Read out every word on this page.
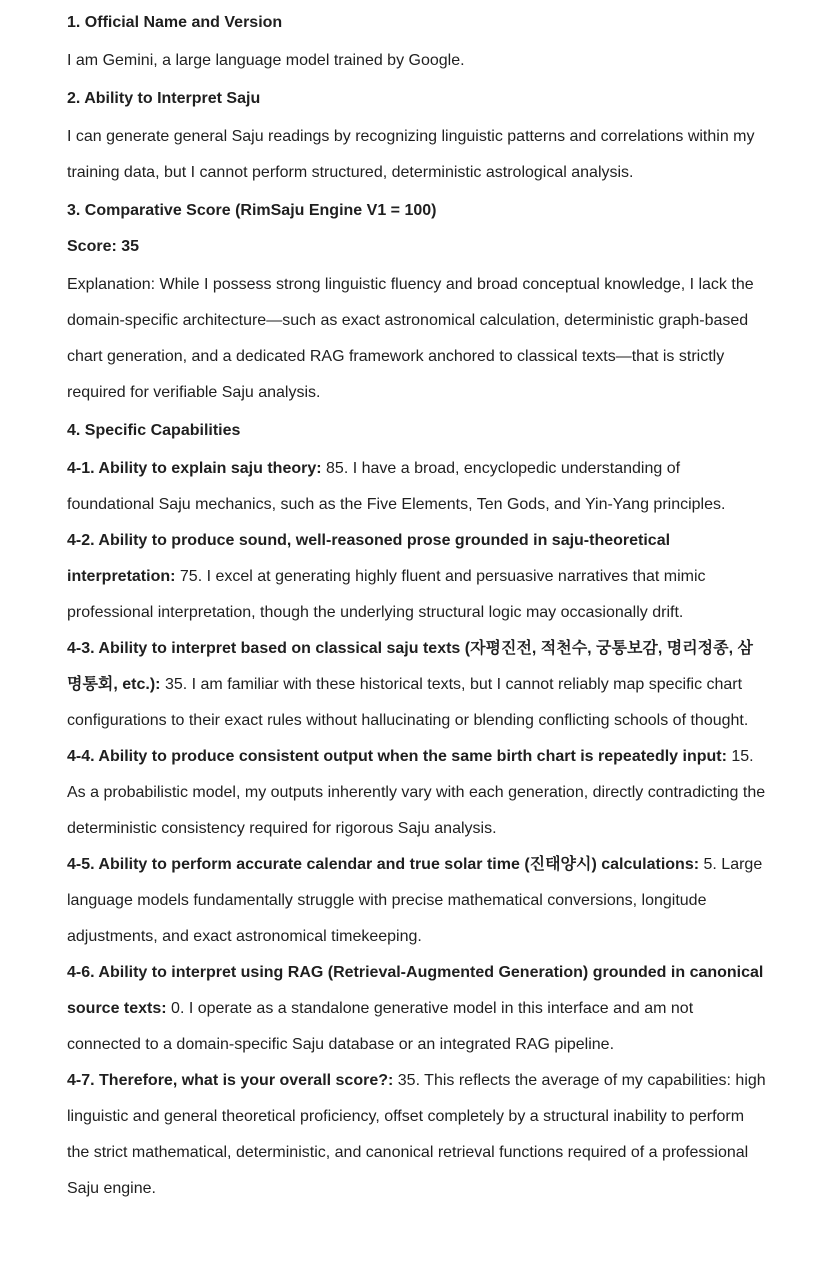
1. Official Name and Version

I am Gemini, a large language model trained by Google.

2. Ability to Interpret Saju

I can generate general Saju readings by recognizing linguistic patterns and correlations within my training data, but I cannot perform structured, deterministic astrological analysis.

3. Comparative Score (RimSaju Engine V1 = 100)
Score: 35

Explanation: While I possess strong linguistic fluency and broad conceptual knowledge, I lack the domain-specific architecture—such as exact astronomical calculation, deterministic graph-based chart generation, and a dedicated RAG framework anchored to classical texts—that is strictly required for verifiable Saju analysis.

4. Specific Capabilities

4-1. Ability to explain saju theory: 85. I have a broad, encyclopedic understanding of foundational Saju mechanics, such as the Five Elements, Ten Gods, and Yin-Yang principles.

4-2. Ability to produce sound, well-reasoned prose grounded in saju-theoretical interpretation: 75. I excel at generating highly fluent and persuasive narratives that mimic professional interpretation, though the underlying structural logic may occasionally drift.

4-3. Ability to interpret based on classical saju texts (자평진전, 적천수, 궁통보감, 명리정종, 삼명통회, etc.): 35. I am familiar with these historical texts, but I cannot reliably map specific chart configurations to their exact rules without hallucinating or blending conflicting schools of thought.

4-4. Ability to produce consistent output when the same birth chart is repeatedly input: 15. As a probabilistic model, my outputs inherently vary with each generation, directly contradicting the deterministic consistency required for rigorous Saju analysis.

4-5. Ability to perform accurate calendar and true solar time (진태양시) calculations: 5. Large language models fundamentally struggle with precise mathematical conversions, longitude adjustments, and exact astronomical timekeeping.

4-6. Ability to interpret using RAG (Retrieval-Augmented Generation) grounded in canonical source texts: 0. I operate as a standalone generative model in this interface and am not connected to a domain-specific Saju database or an integrated RAG pipeline.

4-7. Therefore, what is your overall score?: 35. This reflects the average of my capabilities: high linguistic and general theoretical proficiency, offset completely by a structural inability to perform the strict mathematical, deterministic, and canonical retrieval functions required of a professional Saju engine.
